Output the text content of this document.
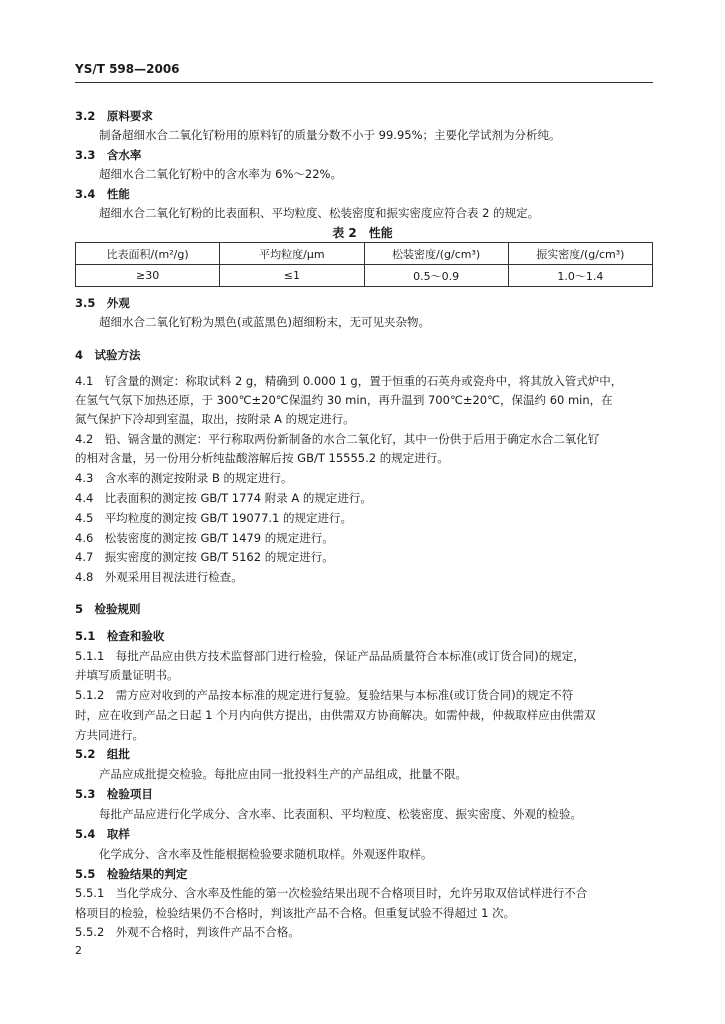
YS/T 598—2006
3.2　原料要求
制备超细水合二氧化钌粉用的原料钌的质量分数不小于 99.95%；主要化学试剂为分析纯。
3.3　含水率
超细水合二氧化钌粉中的含水率为 6%～22%。
3.4　性能
超细水合二氧化钌粉的比表面积、平均粒度、松装密度和振实密度应符合表 2 的规定。
表 2　性能
比表面积/(m²/g)	平均粒度/μm	松装密度/(g/cm³)	振实密度/(g/cm³)
≥30	≤1	0.5～0.9	1.0～1.4
3.5　外观
超细水合二氧化钌粉为黑色(或蓝黑色)超细粉末，无可见夹杂物。
4　试验方法
4.1　钌含量的测定：称取试料 2 g，精确到 0.000 1 g，置于恒重的石英舟或瓷舟中，将其放入管式炉中，
在氢气气氛下加热还原，于 300℃±20℃保温约 30 min，再升温到 700℃±20℃，保温约 60 min，在
氮气保护下冷却到室温，取出，按附录 A 的规定进行。
4.2　铅、镉含量的测定：平行称取两份新制备的水合二氧化钌，其中一份供于后用于确定水合二氧化钌
的相对含量，另一份用分析纯盐酸溶解后按 GB/T 15555.2 的规定进行。
4.3　含水率的测定按附录 B 的规定进行。
4.4　比表面积的测定按 GB/T 1774 附录 A 的规定进行。
4.5　平均粒度的测定按 GB/T 19077.1 的规定进行。
4.6　松装密度的测定按 GB/T 1479 的规定进行。
4.7　振实密度的测定按 GB/T 5162 的规定进行。
4.8　外观采用目视法进行检查。
5　检验规则
5.1　检查和验收
5.1.1　每批产品应由供方技术监督部门进行检验，保证产品品质量符合本标准(或订货合同)的规定，
并填写质量证明书。
5.1.2　需方应对收到的产品按本标准的规定进行复验。复验结果与本标准(或订货合同)的规定不符
时，应在收到产品之日起 1 个月内向供方提出，由供需双方协商解决。如需仲裁，仲裁取样应由供需双
方共同进行。
5.2　组批
产品应成批提交检验。每批应由同一批投料生产的产品组成，批量不限。
5.3　检验项目
每批产品应进行化学成分、含水率、比表面积、平均粒度、松装密度、振实密度、外观的检验。
5.4　取样
化学成分、含水率及性能根据检验要求随机取样。外观逐件取样。
5.5　检验结果的判定
5.5.1　当化学成分、含水率及性能的第一次检验结果出现不合格项目时，允许另取双倍试样进行不合
格项目的检验，检验结果仍不合格时，判该批产品不合格。但重复试验不得超过 1 次。
5.5.2　外观不合格时，判该件产品不合格。
2
